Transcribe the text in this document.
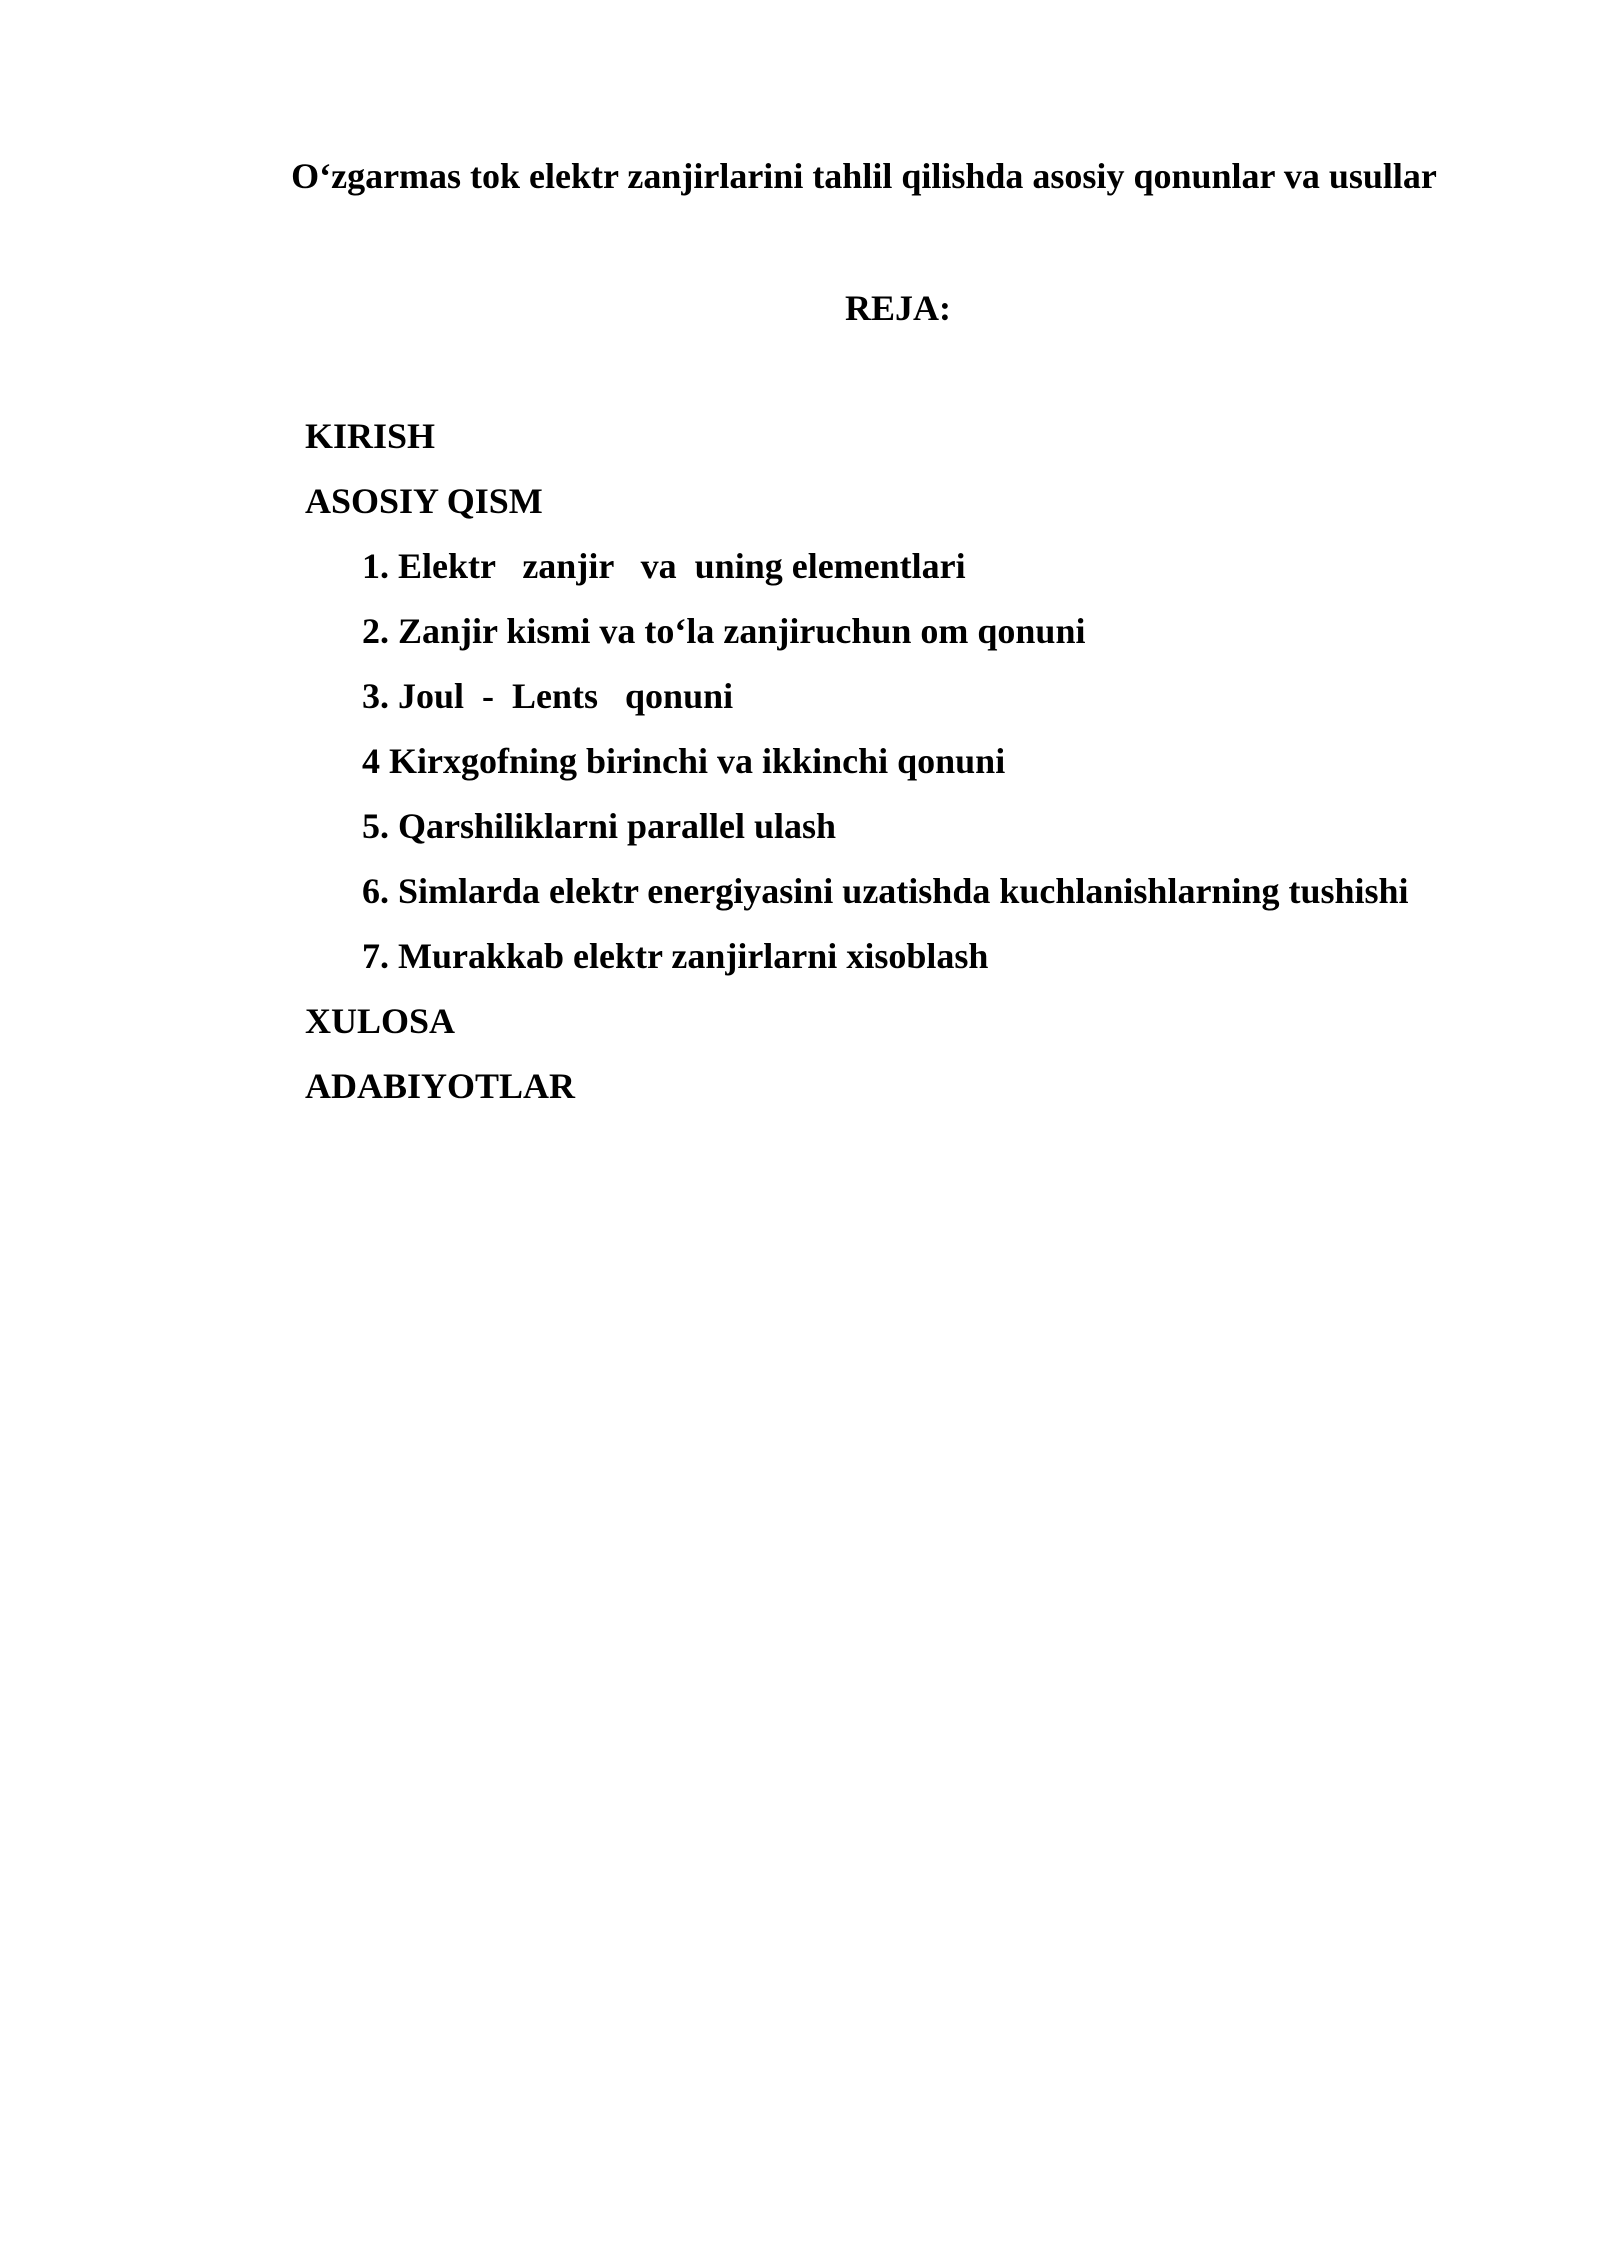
O‘zgarmas tok elektr zanjirlarini tahlil qilishda asosiy qonunlar va usullar
REJA:
KIRISH
ASOSIY QISM
1. Elektr   zanjir   va  uning elementlari
2. Zanjir kismi va to‘la zanjiruchun om qonuni
3. Joul  -  Lents   qonuni
4 Kirxgofning birinchi va ikkinchi qonuni
5. Qarshiliklarni parallel ulash
6. Simlarda elektr energiyasini uzatishda kuchlanishlarning tushishi
7. Murakkab elektr zanjirlarni xisoblash
XULOSA
ADABIYOTLAR
